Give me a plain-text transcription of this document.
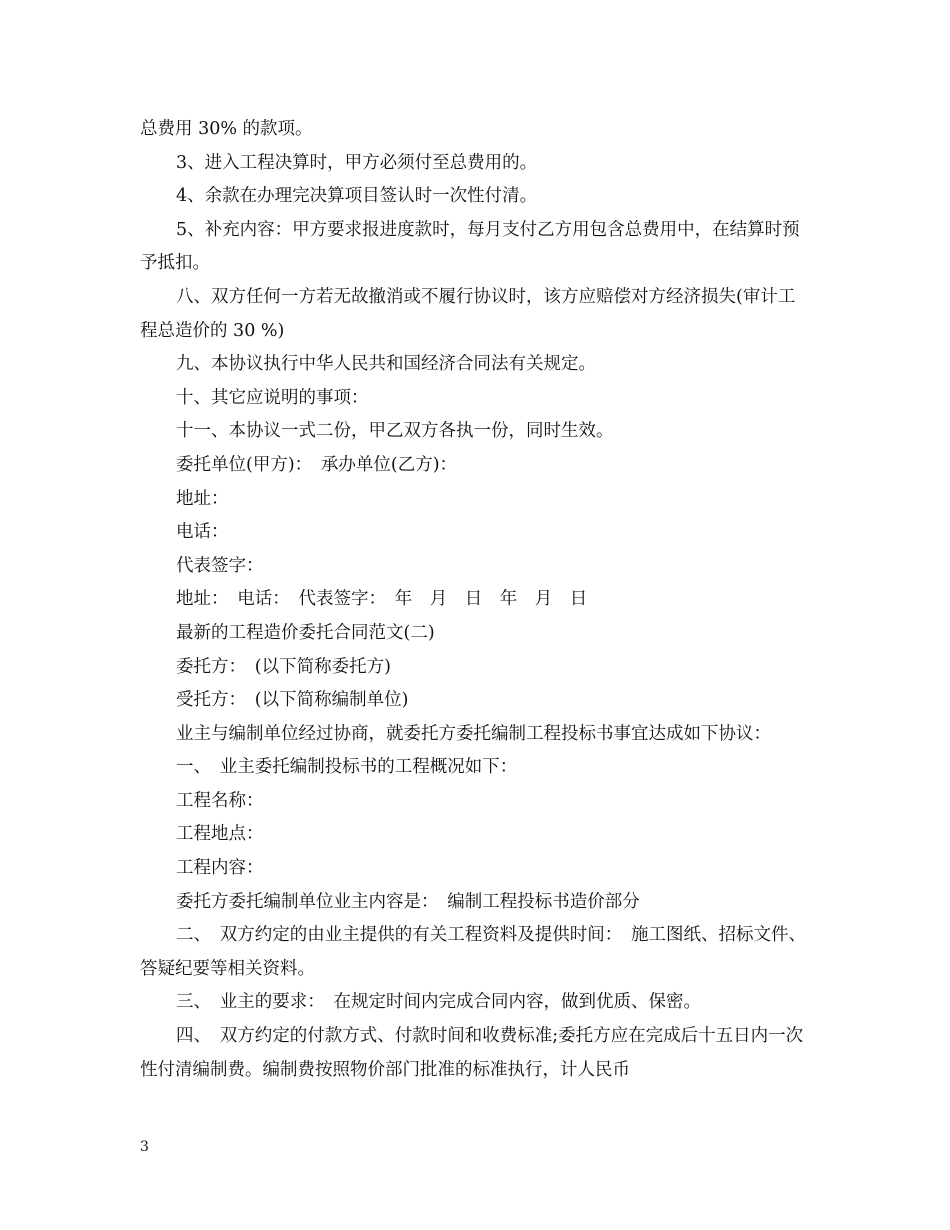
总费用 30% 的款项。

3、进入工程决算时，甲方必须付至总费用的。

4、余款在办理完决算项目签认时一次性付清。

5、补充内容：甲方要求报进度款时，每月支付乙方用包含总费用中，在结算时预予抵扣。

八、双方任何一方若无故撤消或不履行协议时，该方应赔偿对方经济损失(审计工程总造价的 30 %)

九、本协议执行中华人民共和国经济合同法有关规定。

十、其它应说明的事项：

十一、本协议一式二份，甲乙双方各执一份，同时生效。

委托单位(甲方)：　承办单位(乙方)：

地址：

电话：

代表签字：

地址：　电话：　代表签字：　年　月　日　年　月　日

最新的工程造价委托合同范文(二)

委托方：　(以下简称委托方)

受托方：　(以下简称编制单位)

业主与编制单位经过协商，就委托方委托编制工程投标书事宜达成如下协议：

一、　业主委托编制投标书的工程概况如下：

工程名称：

工程地点：

工程内容：

委托方委托编制单位业主内容是：　编制工程投标书造价部分

二、　双方约定的由业主提供的有关工程资料及提供时间：　施工图纸、招标文件、答疑纪要等相关资料。

三、　业主的要求：　在规定时间内完成合同内容，做到优质、保密。

四、　双方约定的付款方式、付款时间和收费标准;委托方应在完成后十五日内一次性付清编制费。编制费按照物价部门批准的标准执行，计人民币

3
